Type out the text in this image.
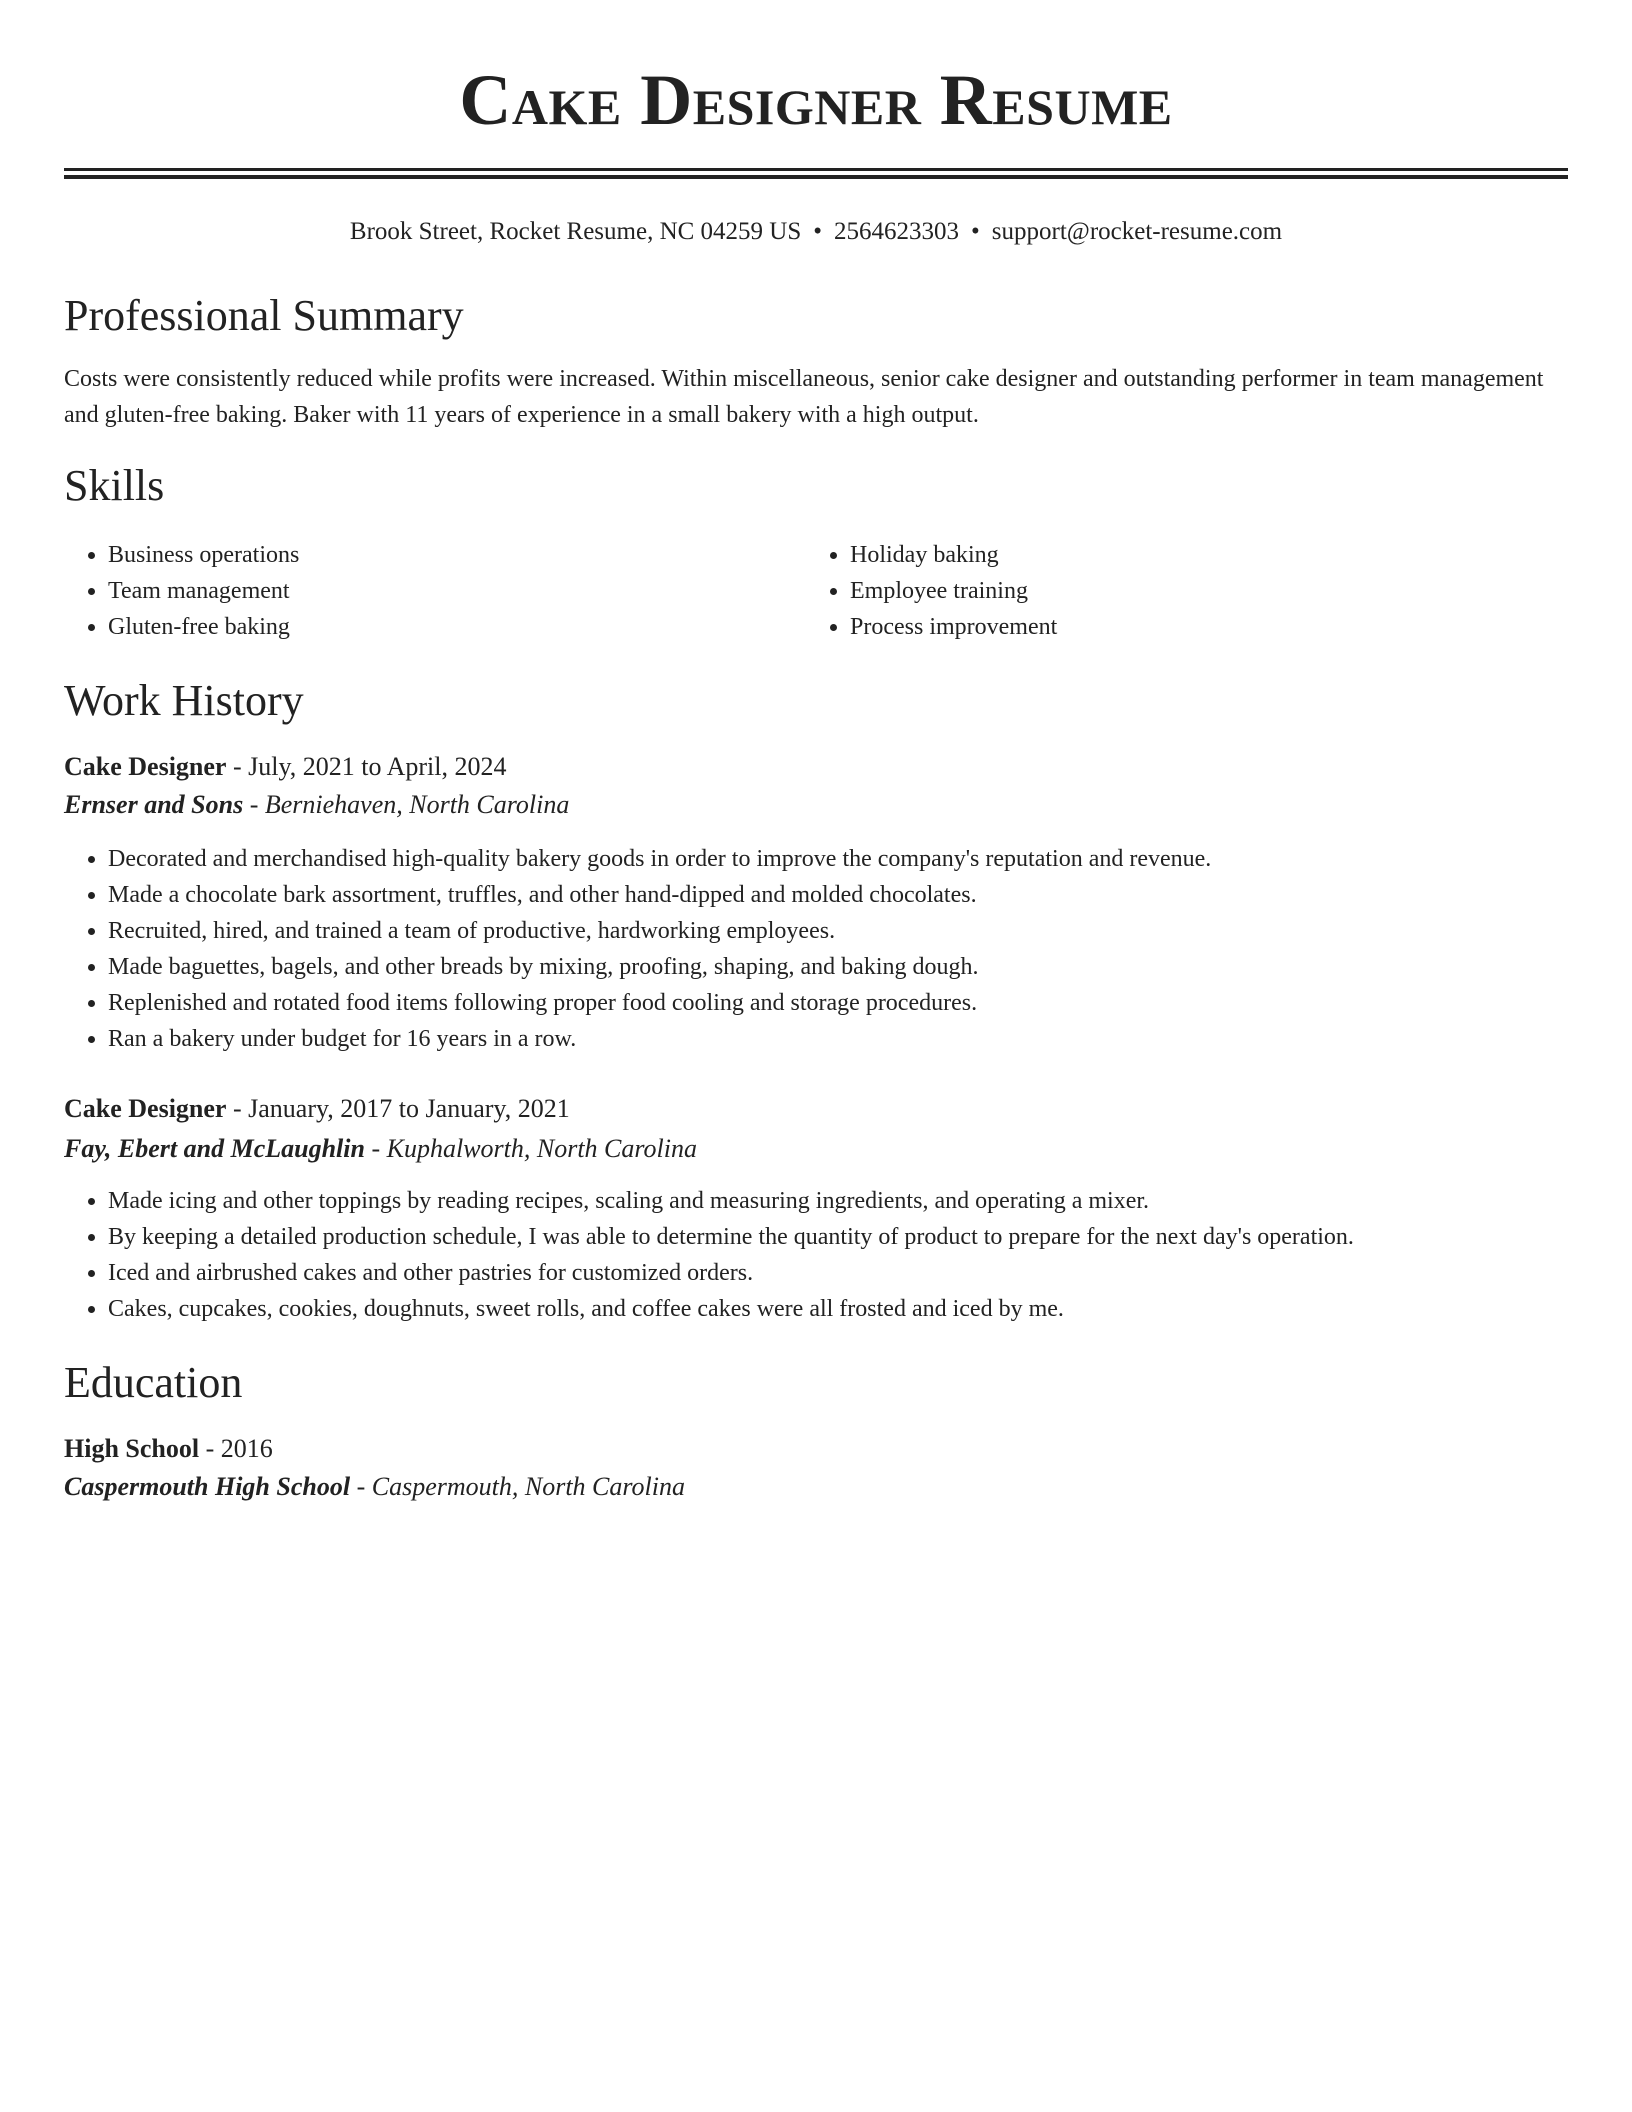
Cake Designer Resume
Brook Street, Rocket Resume, NC 04259 US • 2564623303 • support@rocket-resume.com
Professional Summary

Costs were consistently reduced while profits were increased. Within miscellaneous, senior cake designer and outstanding performer in team management and gluten-free baking. Baker with 11 years of experience in a small bakery with a high output.

Skills
• Business operations
• Team management
• Gluten-free baking
• Holiday baking
• Employee training
• Process improvement
Work History
Cake Designer - July, 2021 to April, 2024
Ernser and Sons - Berniehaven, North Carolina
• Decorated and merchandised high-quality bakery goods in order to improve the company's reputation and revenue.
• Made a chocolate bark assortment, truffles, and other hand-dipped and molded chocolates.
• Recruited, hired, and trained a team of productive, hardworking employees.
• Made baguettes, bagels, and other breads by mixing, proofing, shaping, and baking dough.
• Replenished and rotated food items following proper food cooling and storage procedures.
• Ran a bakery under budget for 16 years in a row.
Cake Designer - January, 2017 to January, 2021
Fay, Ebert and McLaughlin - Kuphalworth, North Carolina
• Made icing and other toppings by reading recipes, scaling and measuring ingredients, and operating a mixer.
• By keeping a detailed production schedule, I was able to determine the quantity of product to prepare for the next day's operation.
• Iced and airbrushed cakes and other pastries for customized orders.
• Cakes, cupcakes, cookies, doughnuts, sweet rolls, and coffee cakes were all frosted and iced by me.
Education
High School - 2016
Caspermouth High School - Caspermouth, North Carolina
